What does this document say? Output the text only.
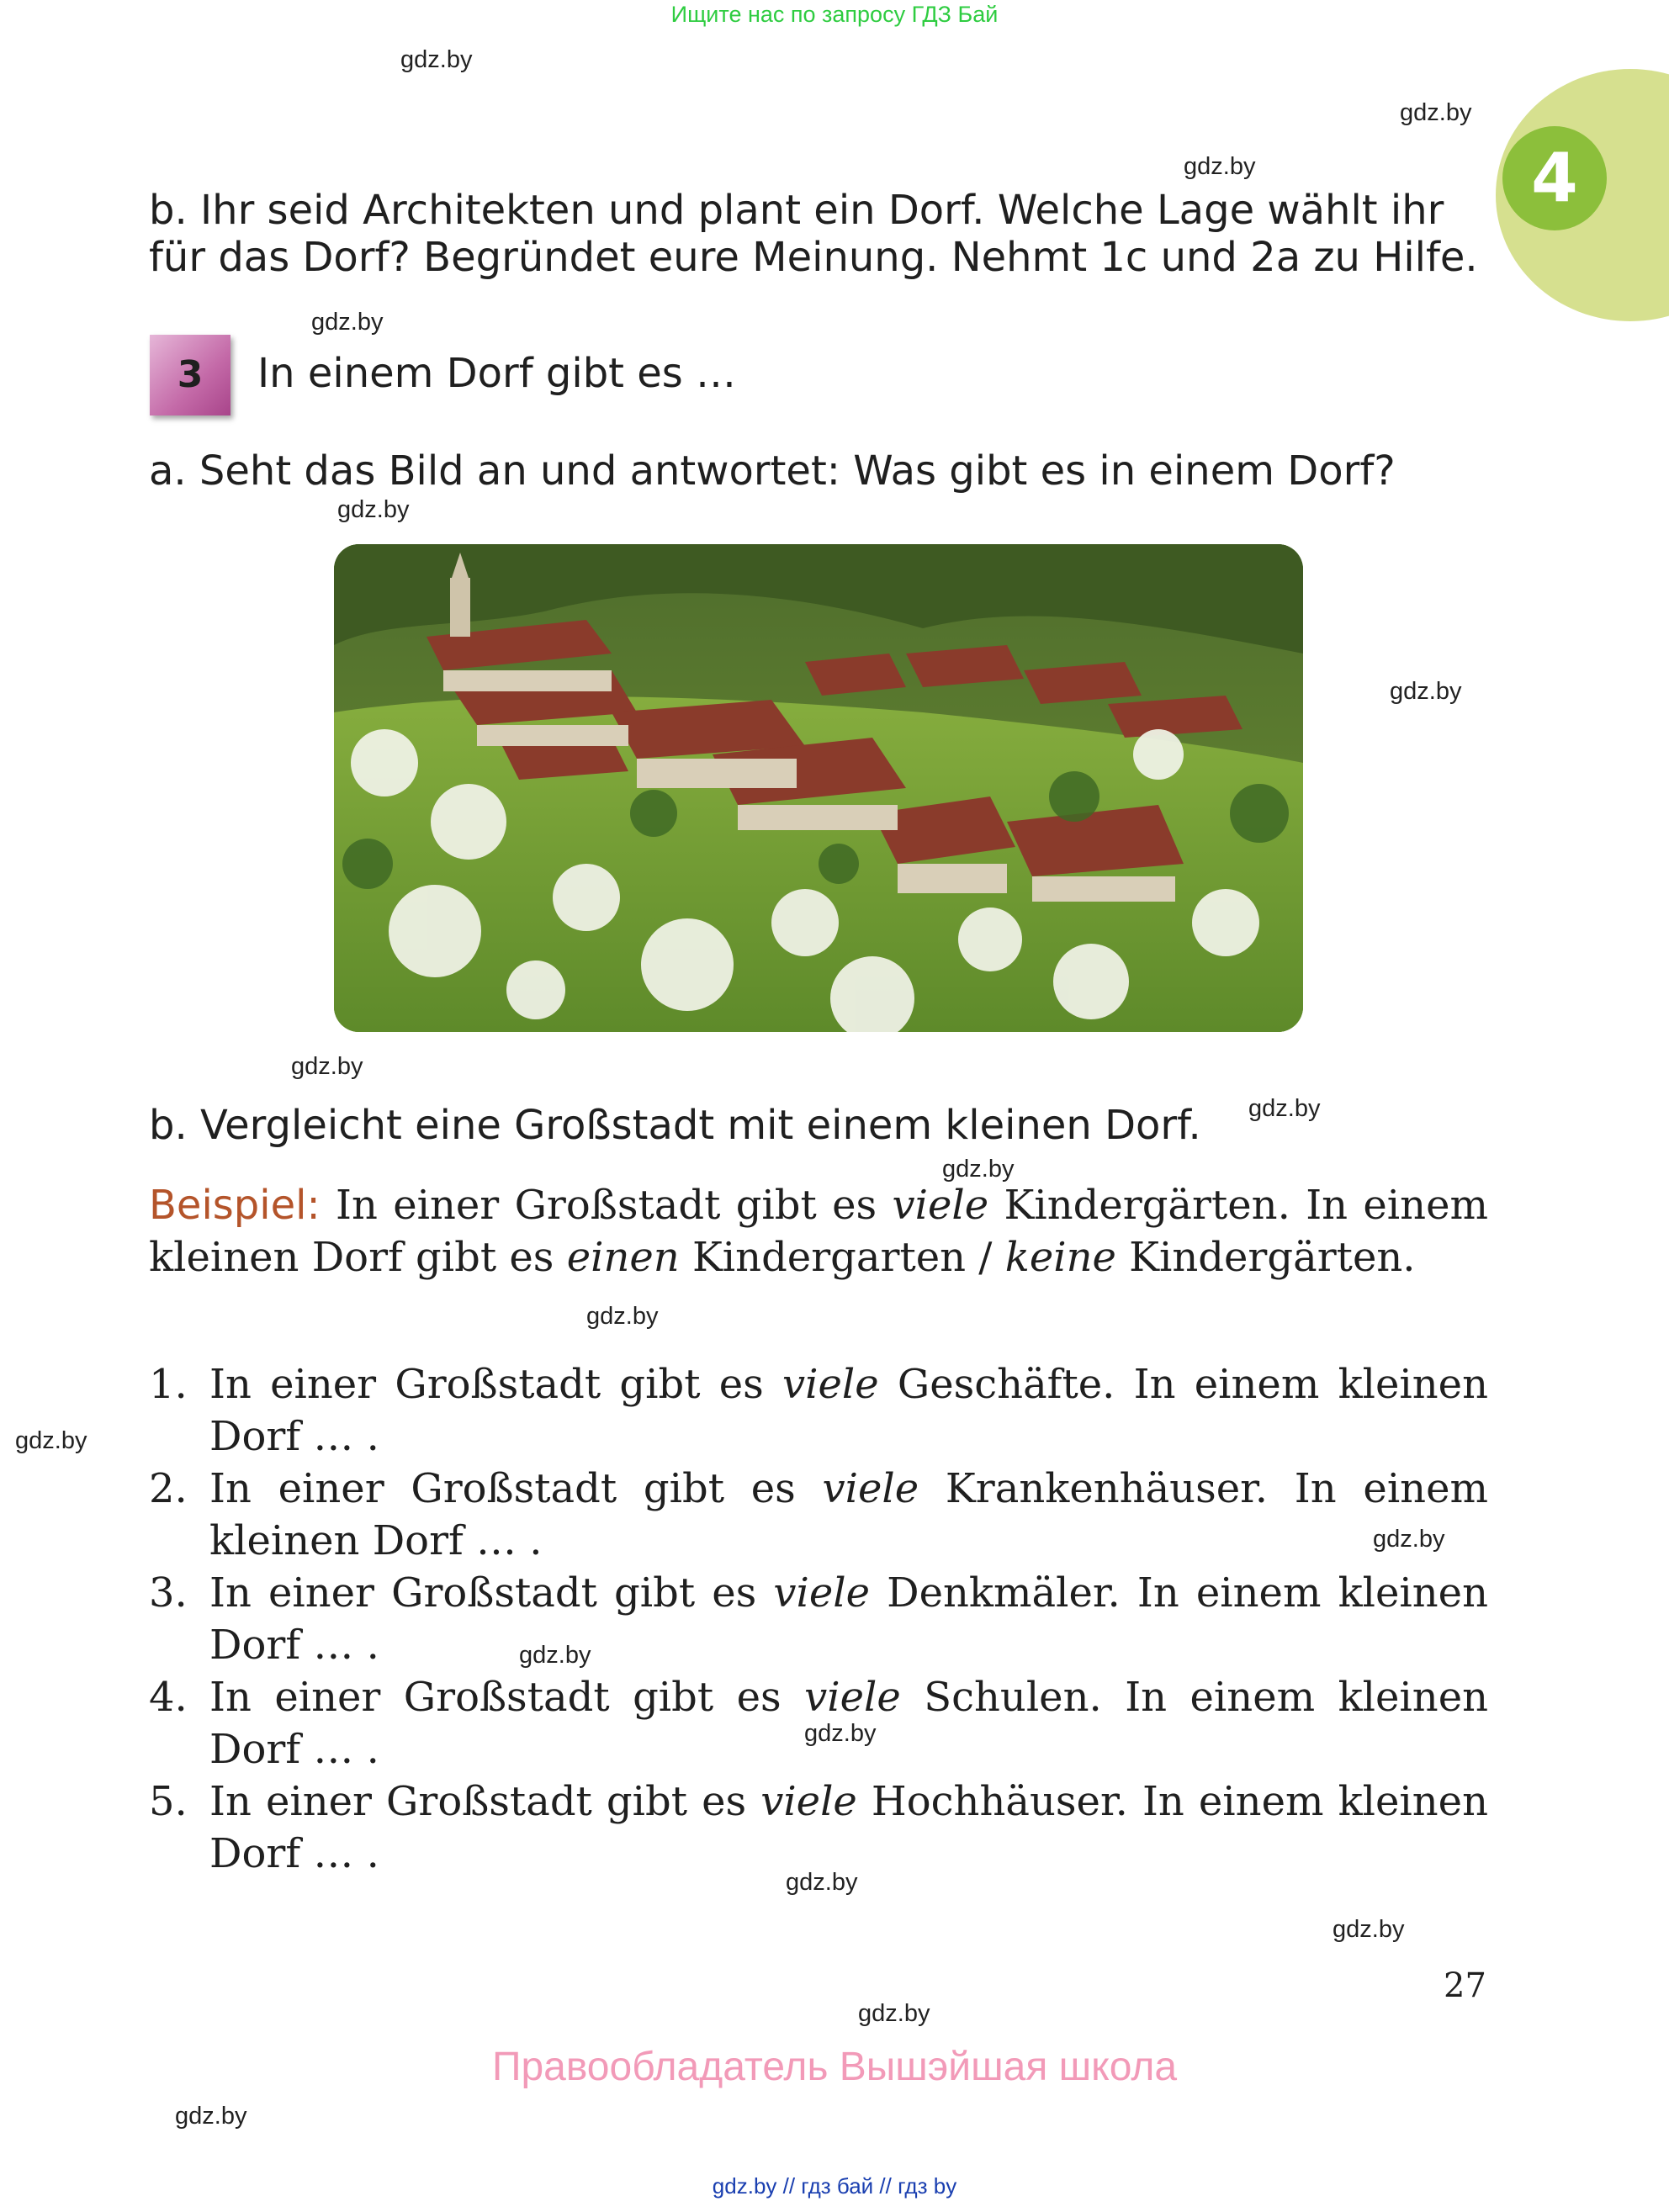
Ищите нас по запросу ГДЗ Бай
gdz.by
gdz.by
gdz.by
gdz.by
gdz.by
gdz.by
gdz.by
gdz.by
gdz.by
gdz.by
gdz.by
gdz.by
gdz.by
gdz.by
gdz.by
gdz.by
gdz.by
gdz.by
4
b. Ihr seid Architekten und plant ein Dorf. Welche Lage wählt ihr für das Dorf? Begründet eure Meinung. Nehmt 1c und 2a zu Hilfe.
3	In einem Dorf gibt es …
a. Seht das Bild an und antwortet: Was gibt es in einem Dorf?
b. Vergleicht eine Großstadt mit einem kleinen Dorf.
Beispiel: In einer Großstadt gibt es viele Kindergärten. In einem kleinen Dorf gibt es einen Kindergarten / keine Kindergärten.
1. In einer Großstadt gibt es viele Geschäfte. In einem kleinen Dorf … .
2. In einer Großstadt gibt es viele Krankenhäuser. In einem kleinen Dorf … .
3. In einer Großstadt gibt es viele Denkmäler. In einem kleinen Dorf … .
4. In einer Großstadt gibt es viele Schulen. In einem kleinen Dorf … .
5. In einer Großstadt gibt es viele Hochhäuser. In einem kleinen Dorf … .
27
Правообладатель Вышэйшая школа
gdz.by // гдз бай // гдз by
